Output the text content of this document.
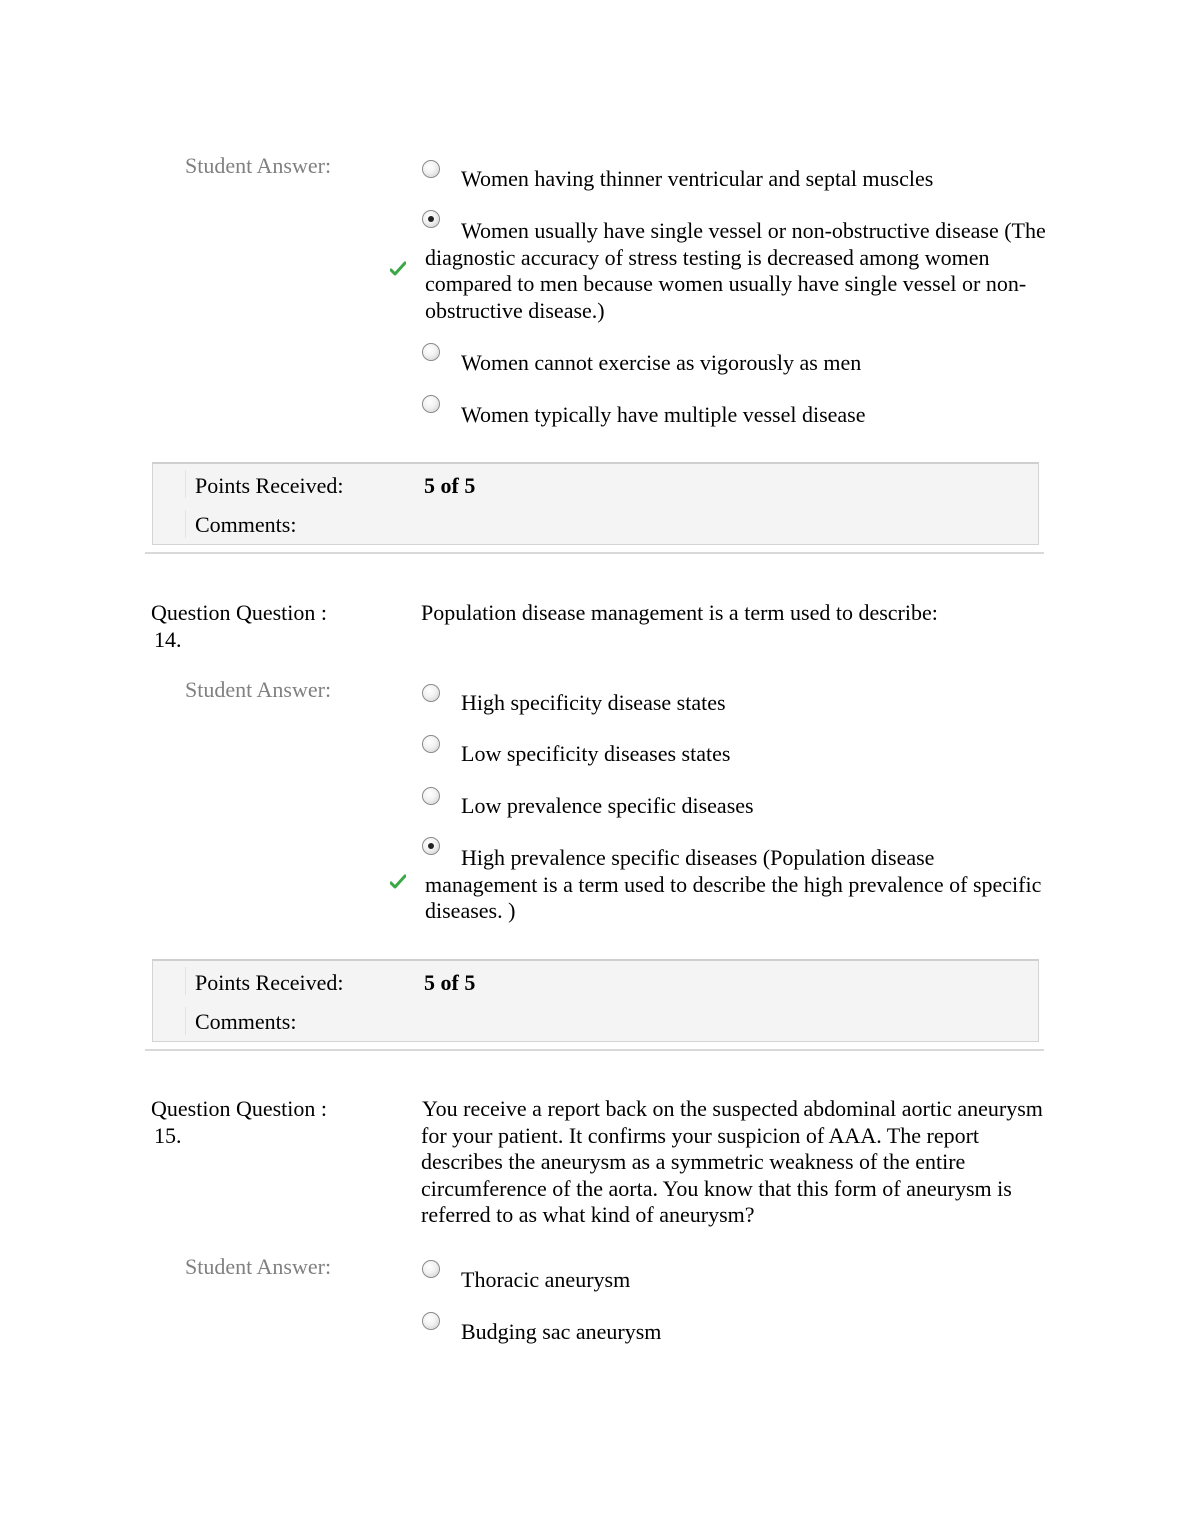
Student Answer:

Women having thinner ventricular and septal muscles

Women usually have single vessel or non-obstructive disease (The diagnostic accuracy of stress testing is decreased among women compared to men because women usually have single vessel or non-obstructive disease.)

Women cannot exercise as vigorously as men

Women typically have multiple vessel disease

Points Received:	5 of 5
Comments:
Question Question :
14.
Population disease management is a term used to describe:
Student Answer:

High specificity disease states

Low specificity diseases states

Low prevalence specific diseases

High prevalence specific diseases (Population disease management is a term used to describe the high prevalence of specific diseases. )

Points Received:	5 of 5
Comments:
Question Question :
15.
You receive a report back on the suspected abdominal aortic aneurysm for your patient. It confirms your suspicion of AAA. The report describes the aneurysm as a symmetric weakness of the entire circumference of the aorta. You know that this form of aneurysm is referred to as what kind of aneurysm?
Student Answer:

Thoracic aneurysm

Budging sac aneurysm
